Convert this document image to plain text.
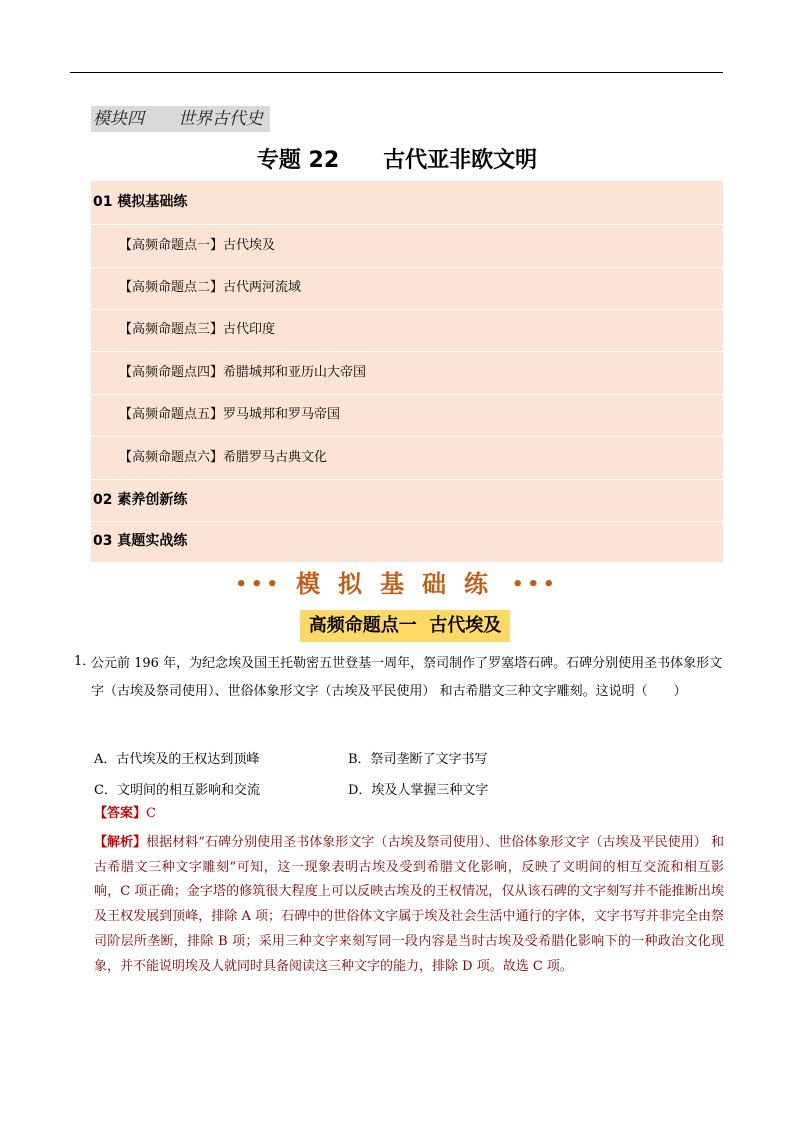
模块四　　世界古代史
专题 22　　古代亚非欧文明
01 模拟基础练
【高频命题点一】古代埃及
【高频命题点二】古代两河流域
【高频命题点三】古代印度
【高频命题点四】希腊城邦和亚历山大帝国
【高频命题点五】罗马城邦和罗马帝国
【高频命题点六】希腊罗马古典文化
02 素养创新练
03 真题实战练
••• 模拟基础练 •••
高频命题点一  古代埃及
1．
公元前 196 年，为纪念埃及国王托勒密五世登基一周年，祭司制作了罗塞塔石碑。石碑分别使用圣书体象形文字（古埃及祭司使用）、世俗体象形文字（古埃及平民使用） 和古希腊文三种文字雕刻。这说明（　　）
A．古代埃及的王权达到顶峰	B．祭司垄断了文字书写
C．文明间的相互影响和交流	D．埃及人掌握三种文字
【答案】C
【解析】根据材料“石碑分别使用圣书体象形文字（古埃及祭司使用）、世俗体象形文字（古埃及平民使用） 和古希腊文三种文字雕刻”可知，这一现象表明古埃及受到希腊文化影响，反映了文明间的相互交流和相互影响，C 项正确；金字塔的修筑很大程度上可以反映古埃及的王权情况，仅从该石碑的文字刻写并不能推断出埃及王权发展到顶峰，排除 A 项；石碑中的世俗体文字属于埃及社会生活中通行的字体，文字书写并非完全由祭司阶层所垄断，排除 B 项；采用三种文字来刻写同一段内容是当时古埃及受希腊化影响下的一种政治文化现象，并不能说明埃及人就同时具备阅读这三种文字的能力，排除 D 项。故选 C 项。
